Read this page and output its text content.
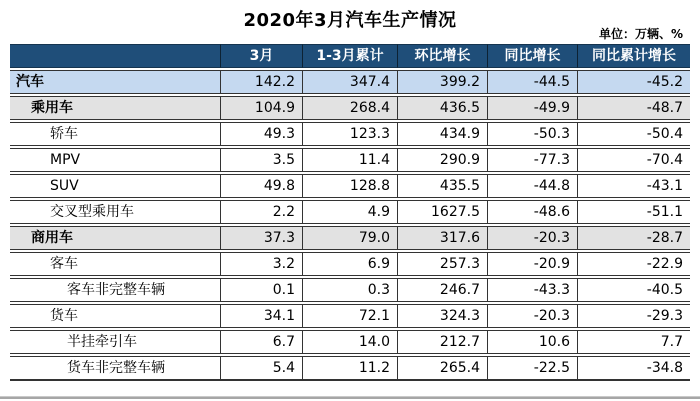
2020年3月汽车生产情况
单位：万辆、%
	3月	1-3月累计	环比增长	同比增长	同比累计增长
汽车	142.2	347.4	399.2	-44.5	-45.2
乘用车	104.9	268.4	436.5	-49.9	-48.7
轿车	49.3	123.3	434.9	-50.3	-50.4
MPV	3.5	11.4	290.9	-77.3	-70.4
SUV	49.8	128.8	435.5	-44.8	-43.1
交叉型乘用车	2.2	4.9	1627.5	-48.6	-51.1
商用车	37.3	79.0	317.6	-20.3	-28.7
客车	3.2	6.9	257.3	-20.9	-22.9
客车非完整车辆	0.1	0.3	246.7	-43.3	-40.5
货车	34.1	72.1	324.3	-20.3	-29.3
半挂牵引车	6.7	14.0	212.7	10.6	7.7
货车非完整车辆	5.4	11.2	265.4	-22.5	-34.8
